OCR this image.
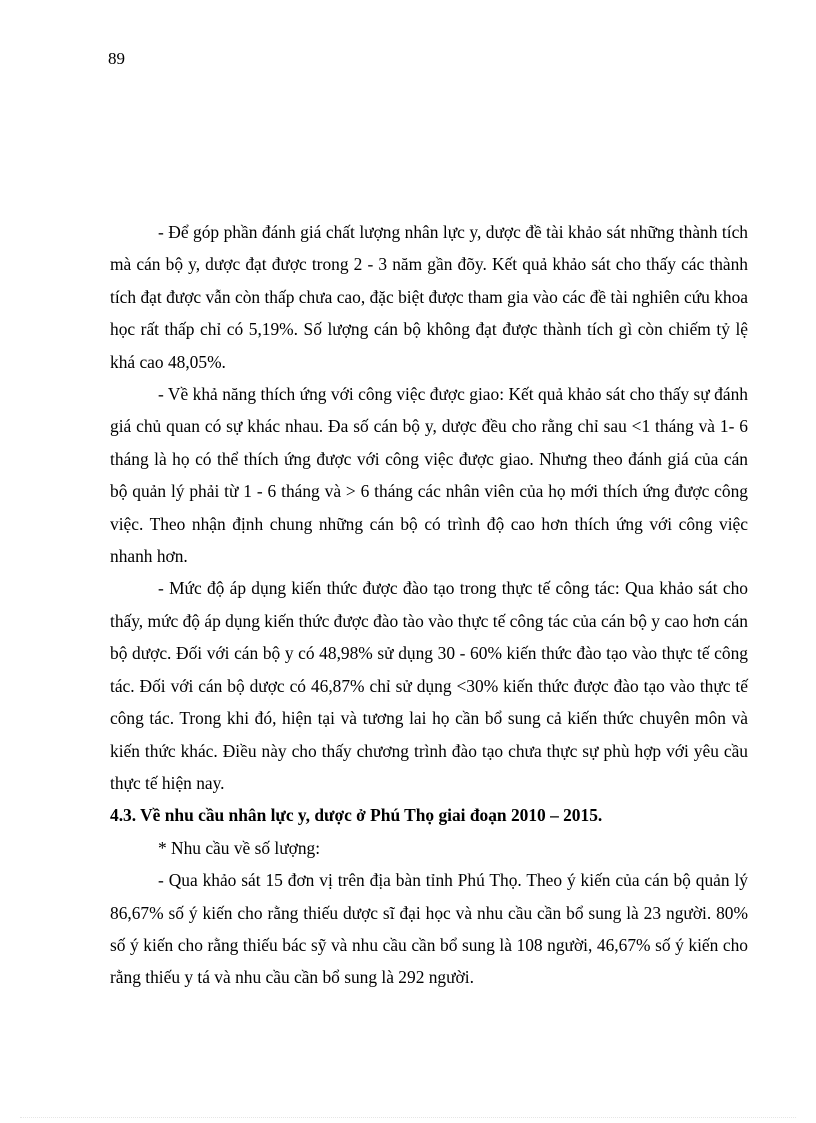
89

- Để góp phần đánh giá chất lượng nhân lực y, dược đề tài khảo sát những thành tích mà cán bộ y, dược đạt được trong 2 - 3 năm gần đõy. Kết quả khảo sát cho thấy các thành tích đạt được vẫn còn thấp chưa cao, đặc biệt được tham gia vào các đề tài nghiên cứu khoa học rất thấp chỉ có 5,19%. Số lượng cán bộ không đạt được thành tích gì còn chiếm tỷ lệ khá cao 48,05%.

- Về khả năng thích ứng với công việc được giao: Kết quả khảo sát cho thấy sự đánh giá chủ quan có sự khác nhau. Đa số cán bộ y, dược đều cho rằng chỉ sau <1 tháng và 1- 6 tháng là họ có thể thích ứng được với công việc được giao. Nhưng theo đánh giá của cán bộ quản lý phải từ 1 - 6 tháng và > 6 tháng các nhân viên của họ mới thích ứng được công việc. Theo nhận định chung những cán bộ có trình độ cao hơn thích ứng với công việc nhanh hơn.

- Mức độ áp dụng kiến thức được đào tạo trong thực tế công tác: Qua khảo sát cho thấy, mức độ áp dụng kiến thức được đào tào vào thực tế công tác của cán bộ y cao hơn cán bộ dược. Đối với cán bộ y có 48,98% sử dụng 30 - 60% kiến thức đào tạo vào thực tế công tác. Đối với cán bộ dược có 46,87% chỉ sử dụng <30% kiến thức được đào tạo vào thực tế công tác. Trong khi đó, hiện tại và tương lai họ cần bổ sung cả kiến thức chuyên môn và kiến thức khác. Điều này cho thấy chương trình đào tạo chưa thực sự phù hợp với yêu cầu thực tế hiện nay.

4.3. Về nhu cầu nhân lực y, dược ở Phú Thọ giai đoạn 2010 – 2015.

* Nhu cầu về số lượng:

- Qua khảo sát 15 đơn vị trên địa bàn tỉnh Phú Thọ. Theo ý kiến của cán bộ quản lý 86,67% số ý kiến cho rằng thiếu dược sĩ đại học và nhu cầu cần bổ sung là 23 người. 80% số ý kiến cho rằng thiếu bác sỹ và nhu cầu cần bổ sung là 108 người, 46,67% số ý kiến cho rằng thiếu y tá và nhu cầu cần bổ sung là 292 người.
